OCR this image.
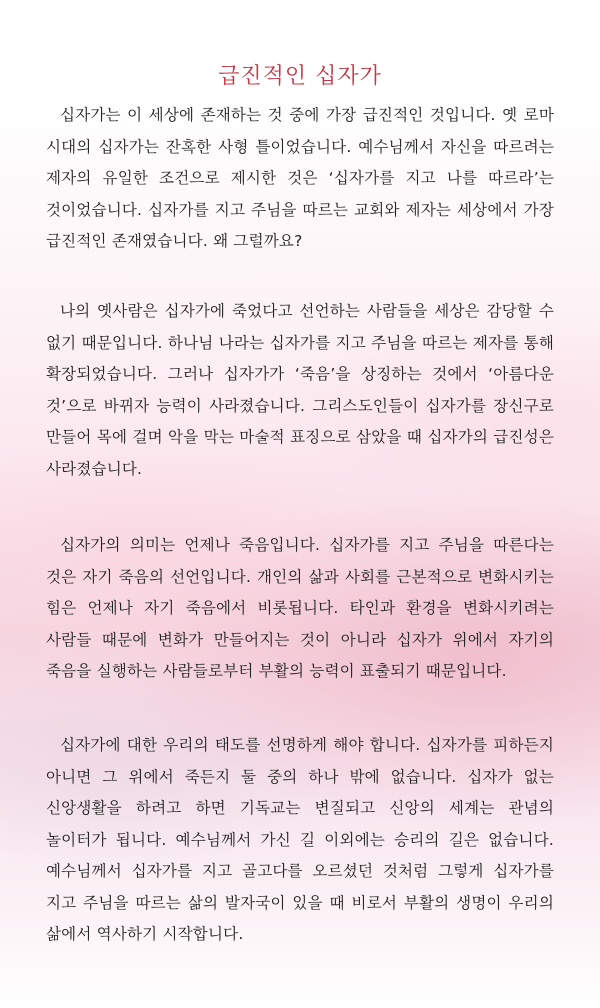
급진적인 십자가

십자가는 이 세상에 존재하는 것 중에 가장 급진적인 것입니다. 옛 로마 시대의 십자가는 잔혹한 사형 틀이었습니다. 예수님께서 자신을 따르려는 제자의 유일한 조건으로 제시한 것은 ‘십자가를 지고 나를 따르라’는 것이었습니다. 십자가를 지고 주님을 따르는 교회와 제자는 세상에서 가장 급진적인 존재였습니다. 왜 그럴까요?

나의 옛사람은 십자가에 죽었다고 선언하는 사람들을 세상은 감당할 수 없기 때문입니다. 하나님 나라는 십자가를 지고 주님을 따르는 제자를 통해 확장되었습니다. 그러나 십자가가 ‘죽음’을 상징하는 것에서 ‘아름다운 것’으로 바뀌자 능력이 사라졌습니다. 그리스도인들이 십자가를 장신구로 만들어 목에 걸며 악을 막는 마술적 표징으로 삼았을 때 십자가의 급진성은 사라졌습니다.

십자가의 의미는 언제나 죽음입니다. 십자가를 지고 주님을 따른다는 것은 자기 죽음의 선언입니다. 개인의 삶과 사회를 근본적으로 변화시키는 힘은 언제나 자기 죽음에서 비롯됩니다. 타인과 환경을 변화시키려는 사람들 때문에 변화가 만들어지는 것이 아니라 십자가 위에서 자기의 죽음을 실행하는 사람들로부터 부활의 능력이 표출되기 때문입니다.

십자가에 대한 우리의 태도를 선명하게 해야 합니다. 십자가를 피하든지 아니면 그 위에서 죽든지 둘 중의 하나 밖에 없습니다. 십자가 없는 신앙생활을 하려고 하면 기독교는 변질되고 신앙의 세계는 관념의 놀이터가 됩니다. 예수님께서 가신 길 이외에는 승리의 길은 없습니다. 예수님께서 십자가를 지고 골고다를 오르셨던 것처럼 그렇게 십자가를 지고 주님을 따르는 삶의 발자국이 있을 때 비로서 부활의 생명이 우리의 삶에서 역사하기 시작합니다.
